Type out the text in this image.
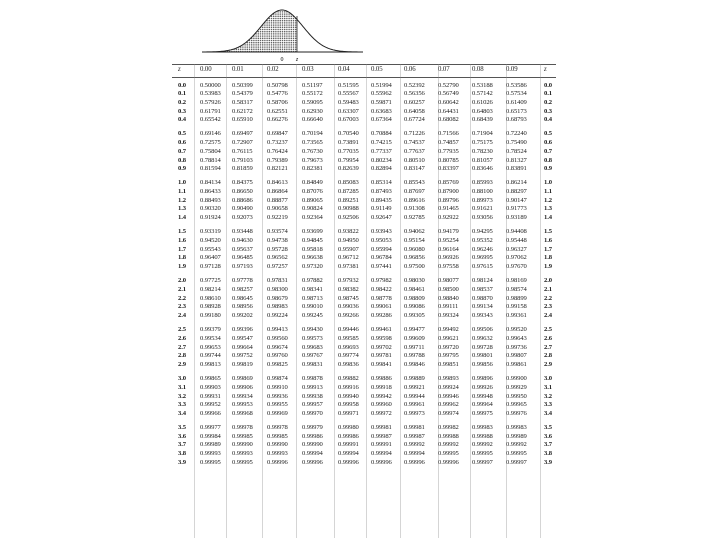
0 z
z	0.00	0.01	0.02	0.03	0.04	0.05	0.06	0.07	0.08	0.09	z
0.0 0.50000 0.50399 0.50798 0.51197 0.51595 0.51994 0.52392 0.52790 0.53188 0.53586	0.0
0.1 0.53983 0.54379 0.54776 0.55172 0.55567 0.55962 0.56356 0.56749 0.57142 0.57534	0.1
0.2 0.57926 0.58317 0.58706 0.59095 0.59483 0.59871 0.60257 0.60642 0.61026 0.61409	0.2
0.3 0.61791 0.62172 0.62551 0.62930 0.63307 0.63683 0.64058 0.64431 0.64803 0.65173	0.3
0.4 0.65542 0.65910 0.66276 0.66640 0.67003 0.67364 0.67724 0.68082 0.68439 0.68793	0.4
0.5 0.69146 0.69497 0.69847 0.70194 0.70540 0.70884 0.71226 0.71566 0.71904 0.72240	0.5
0.6 0.72575 0.72907 0.73237 0.73565 0.73891 0.74215 0.74537 0.74857 0.75175 0.75490	0.6
0.7 0.75804 0.76115 0.76424 0.76730 0.77035 0.77337 0.77637 0.77935 0.78230 0.78524	0.7
0.8 0.78814 0.79103 0.79389 0.79673 0.79954 0.80234 0.80510 0.80785 0.81057 0.81327	0.8
0.9 0.81594 0.81859 0.82121 0.82381 0.82639 0.82894 0.83147 0.83397 0.83646 0.83891	0.9
1.0 0.84134 0.84375 0.84613 0.84849 0.85083 0.85314 0.85543 0.85769 0.85993 0.86214	1.0
1.1 0.86433 0.86650 0.86864 0.87076 0.87285 0.87493 0.87697 0.87900 0.88100 0.88297	1.1
1.2 0.88493 0.88686 0.88877 0.89065 0.89251 0.89435 0.89616 0.89796 0.89973 0.90147	1.2
1.3 0.90320 0.90490 0.90658 0.90824 0.90988 0.91149 0.91308 0.91465 0.91621 0.91773	1.3
1.4 0.91924 0.92073 0.92219 0.92364 0.92506 0.92647 0.92785 0.92922 0.93056 0.93189	1.4
1.5 0.93319 0.93448 0.93574 0.93699 0.93822 0.93943 0.94062 0.94179 0.94295 0.94408	1.5
1.6 0.94520 0.94630 0.94738 0.94845 0.94950 0.95053 0.95154 0.95254 0.95352 0.95448	1.6
1.7 0.95543 0.95637 0.95728 0.95818 0.95907 0.95994 0.96080 0.96164 0.96246 0.96327	1.7
1.8 0.96407 0.96485 0.96562 0.96638 0.96712 0.96784 0.96856 0.96926 0.96995 0.97062	1.8
1.9 0.97128 0.97193 0.97257 0.97320 0.97381 0.97441 0.97500 0.97558 0.97615 0.97670	1.9
2.0 0.97725 0.97778 0.97831 0.97882 0.97932 0.97982 0.98030 0.98077 0.98124 0.98169	2.0
2.1 0.98214 0.98257 0.98300 0.98341 0.98382 0.98422 0.98461 0.98500 0.98537 0.98574	2.1
2.2 0.98610 0.98645 0.98679 0.98713 0.98745 0.98778 0.98809 0.98840 0.98870 0.98899	2.2
2.3 0.98928 0.98956 0.98983 0.99010 0.99036 0.99061 0.99086 0.99111 0.99134 0.99158	2.3
2.4 0.99180 0.99202 0.99224 0.99245 0.99266 0.99286 0.99305 0.99324 0.99343 0.99361	2.4
2.5 0.99379 0.99396 0.99413 0.99430 0.99446 0.99461 0.99477 0.99492 0.99506 0.99520	2.5
2.6 0.99534 0.99547 0.99560 0.99573 0.99585 0.99598 0.99609 0.99621 0.99632 0.99643	2.6
2.7 0.99653 0.99664 0.99674 0.99683 0.99693 0.99702 0.99711 0.99720 0.99728 0.99736	2.7
2.8 0.99744 0.99752 0.99760 0.99767 0.99774 0.99781 0.99788 0.99795 0.99801 0.99807	2.8
2.9 0.99813 0.99819 0.99825 0.99831 0.99836 0.99841 0.99846 0.99851 0.99856 0.99861	2.9
3.0 0.99865 0.99869 0.99874 0.99878 0.99882 0.99886 0.99889 0.99893 0.99896 0.99900	3.0
3.1 0.99903 0.99906 0.99910 0.99913 0.99916 0.99918 0.99921 0.99924 0.99926 0.99929	3.1
3.2 0.99931 0.99934 0.99936 0.99938 0.99940 0.99942 0.99944 0.99946 0.99948 0.99950	3.2
3.3 0.99952 0.99953 0.99955 0.99957 0.99958 0.99960 0.99961 0.99962 0.99964 0.99965	3.3
3.4 0.99966 0.99968 0.99969 0.99970 0.99971 0.99972 0.99973 0.99974 0.99975 0.99976	3.4
3.5 0.99977 0.99978 0.99978 0.99979 0.99980 0.99981 0.99981 0.99982 0.99983 0.99983	3.5
3.6 0.99984 0.99985 0.99985 0.99986 0.99986 0.99987 0.99987 0.99988 0.99988 0.99989	3.6
3.7 0.99989 0.99990 0.99990 0.99990 0.99991 0.99991 0.99992 0.99992 0.99992 0.99992	3.7
3.8 0.99993 0.99993 0.99993 0.99994 0.99994 0.99994 0.99994 0.99995 0.99995 0.99995	3.8
3.9 0.99995 0.99995 0.99996 0.99996 0.99996 0.99996 0.99996 0.99996 0.99997 0.99997	3.9
